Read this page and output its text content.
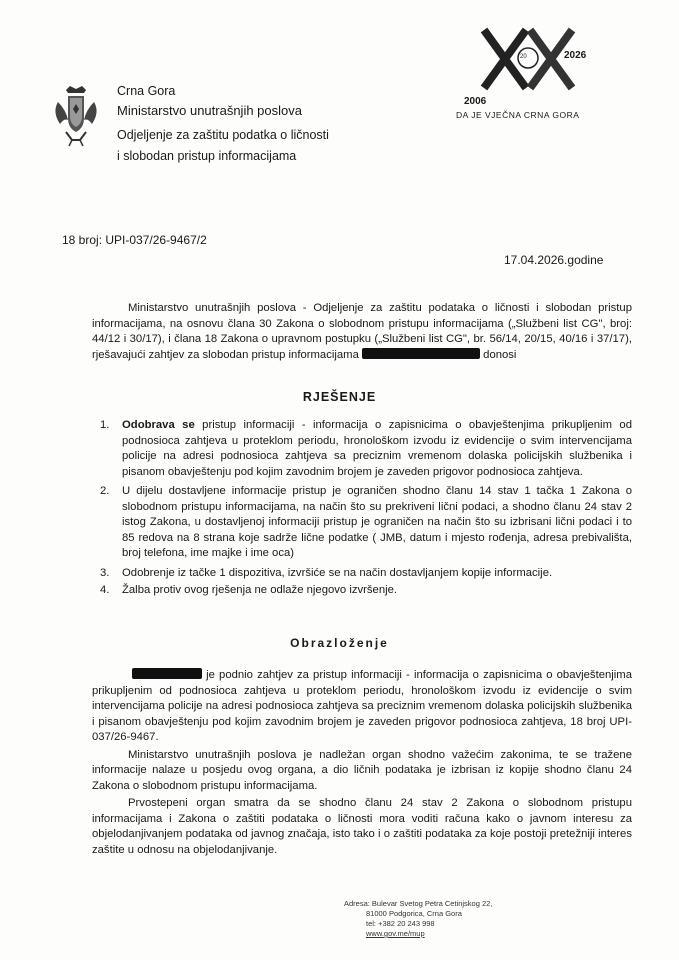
Crna Gora
Ministarstvo unutrašnjih poslova
Odjeljenje za zaštitu podatka o ličnosti
i slobodan pristup informacijama
20	2026
2006
DA JE VJEČNA CRNA GORA
18 broj: UPI-037/26-9467/2
17.04.2026.godine
Ministarstvo unutrašnjih poslova - Odjeljenje za zaštitu podataka o ličnosti i slobodan pristup informacijama, na osnovu člana 30 Zakona o slobodnom pristupu informacijama („Službeni list CG", broj: 44/12 i 30/17), i člana 18 Zakona o upravnom postupku („Službeni list CG", br. 56/14, 20/15, 40/16 i 37/17), rješavajući zahtjev za slobodan pristup informacijama	donosi
RJEŠENJE
1. Odobrava se pristup informaciji - informacija o zapisnicima o obavještenjima prikupljenim od podnosioca zahtjeva u proteklom periodu, hronološkom izvodu iz evidencije o svim intervencijama policije na adresi podnosioca zahtjeva sa preciznim vremenom dolaska policijskih službenika i pisanom obavještenju pod kojim zavodnim brojem je zaveden prigovor podnosioca zahtjeva.
2. U dijelu dostavljene informacije pristup je ograničen shodno članu 14 stav 1 tačka 1 Zakona o slobodnom pristupu informacijama, na način što su prekriveni lični podaci, a shodno članu 24 stav 2 istog Zakona, u dostavljenoj informaciji pristup je ograničen na način što su izbrisani lični podaci i to 85 redova na 8 strana koje sadrže lične podatke ( JMB, datum i mjesto rođenja, adresa prebivališta, broj telefona, ime majke i ime oca)
3. Odobrenje iz tačke 1 dispozitiva, izvršiće se na način dostavljanjem kopije informacije.
4. Žalba protiv ovog rješenja ne odlaže njegovo izvršenje.
Obrazloženje

je podnio zahtjev za pristup informaciji - informacija o zapisnicima o obavještenjima prikupljenim od podnosioca zahtjeva u proteklom periodu, hronološkom izvodu iz evidencije o svim intervencijama policije na adresi podnosioca zahtjeva sa preciznim vremenom dolaska policijskih službenika i pisanom obavještenju pod kojim zavodnim brojem je zaveden prigovor podnosioca zahtjeva, 18 broj UPI-037/26-9467.

Ministarstvo unutrašnjih poslova je nadležan organ shodno važećim zakonima, te se tražene informacije nalaze u posjedu ovog organa, a dio ličnih podataka je izbrisan iz kopije shodno članu 24 Zakona o slobodnom pristupu informacijama.

Prvostepeni organ smatra da se shodno članu 24 stav 2 Zakona o slobodnom pristupu informacijama i Zakona o zaštiti podataka o ličnosti mora voditi računa kako o javnom interesu za objelodanjivanjem podataka od javnog značaja, isto tako i o zaštiti podataka za koje postoji pretežniji interes zaštite u odnosu na objelodanjivanje.

Adresa: Bulevar Svetog Petra Cetinjskog 22,
81000 Podgorica, Crna Gora
tel: +382 20 243 998
www.gov.me/mup
